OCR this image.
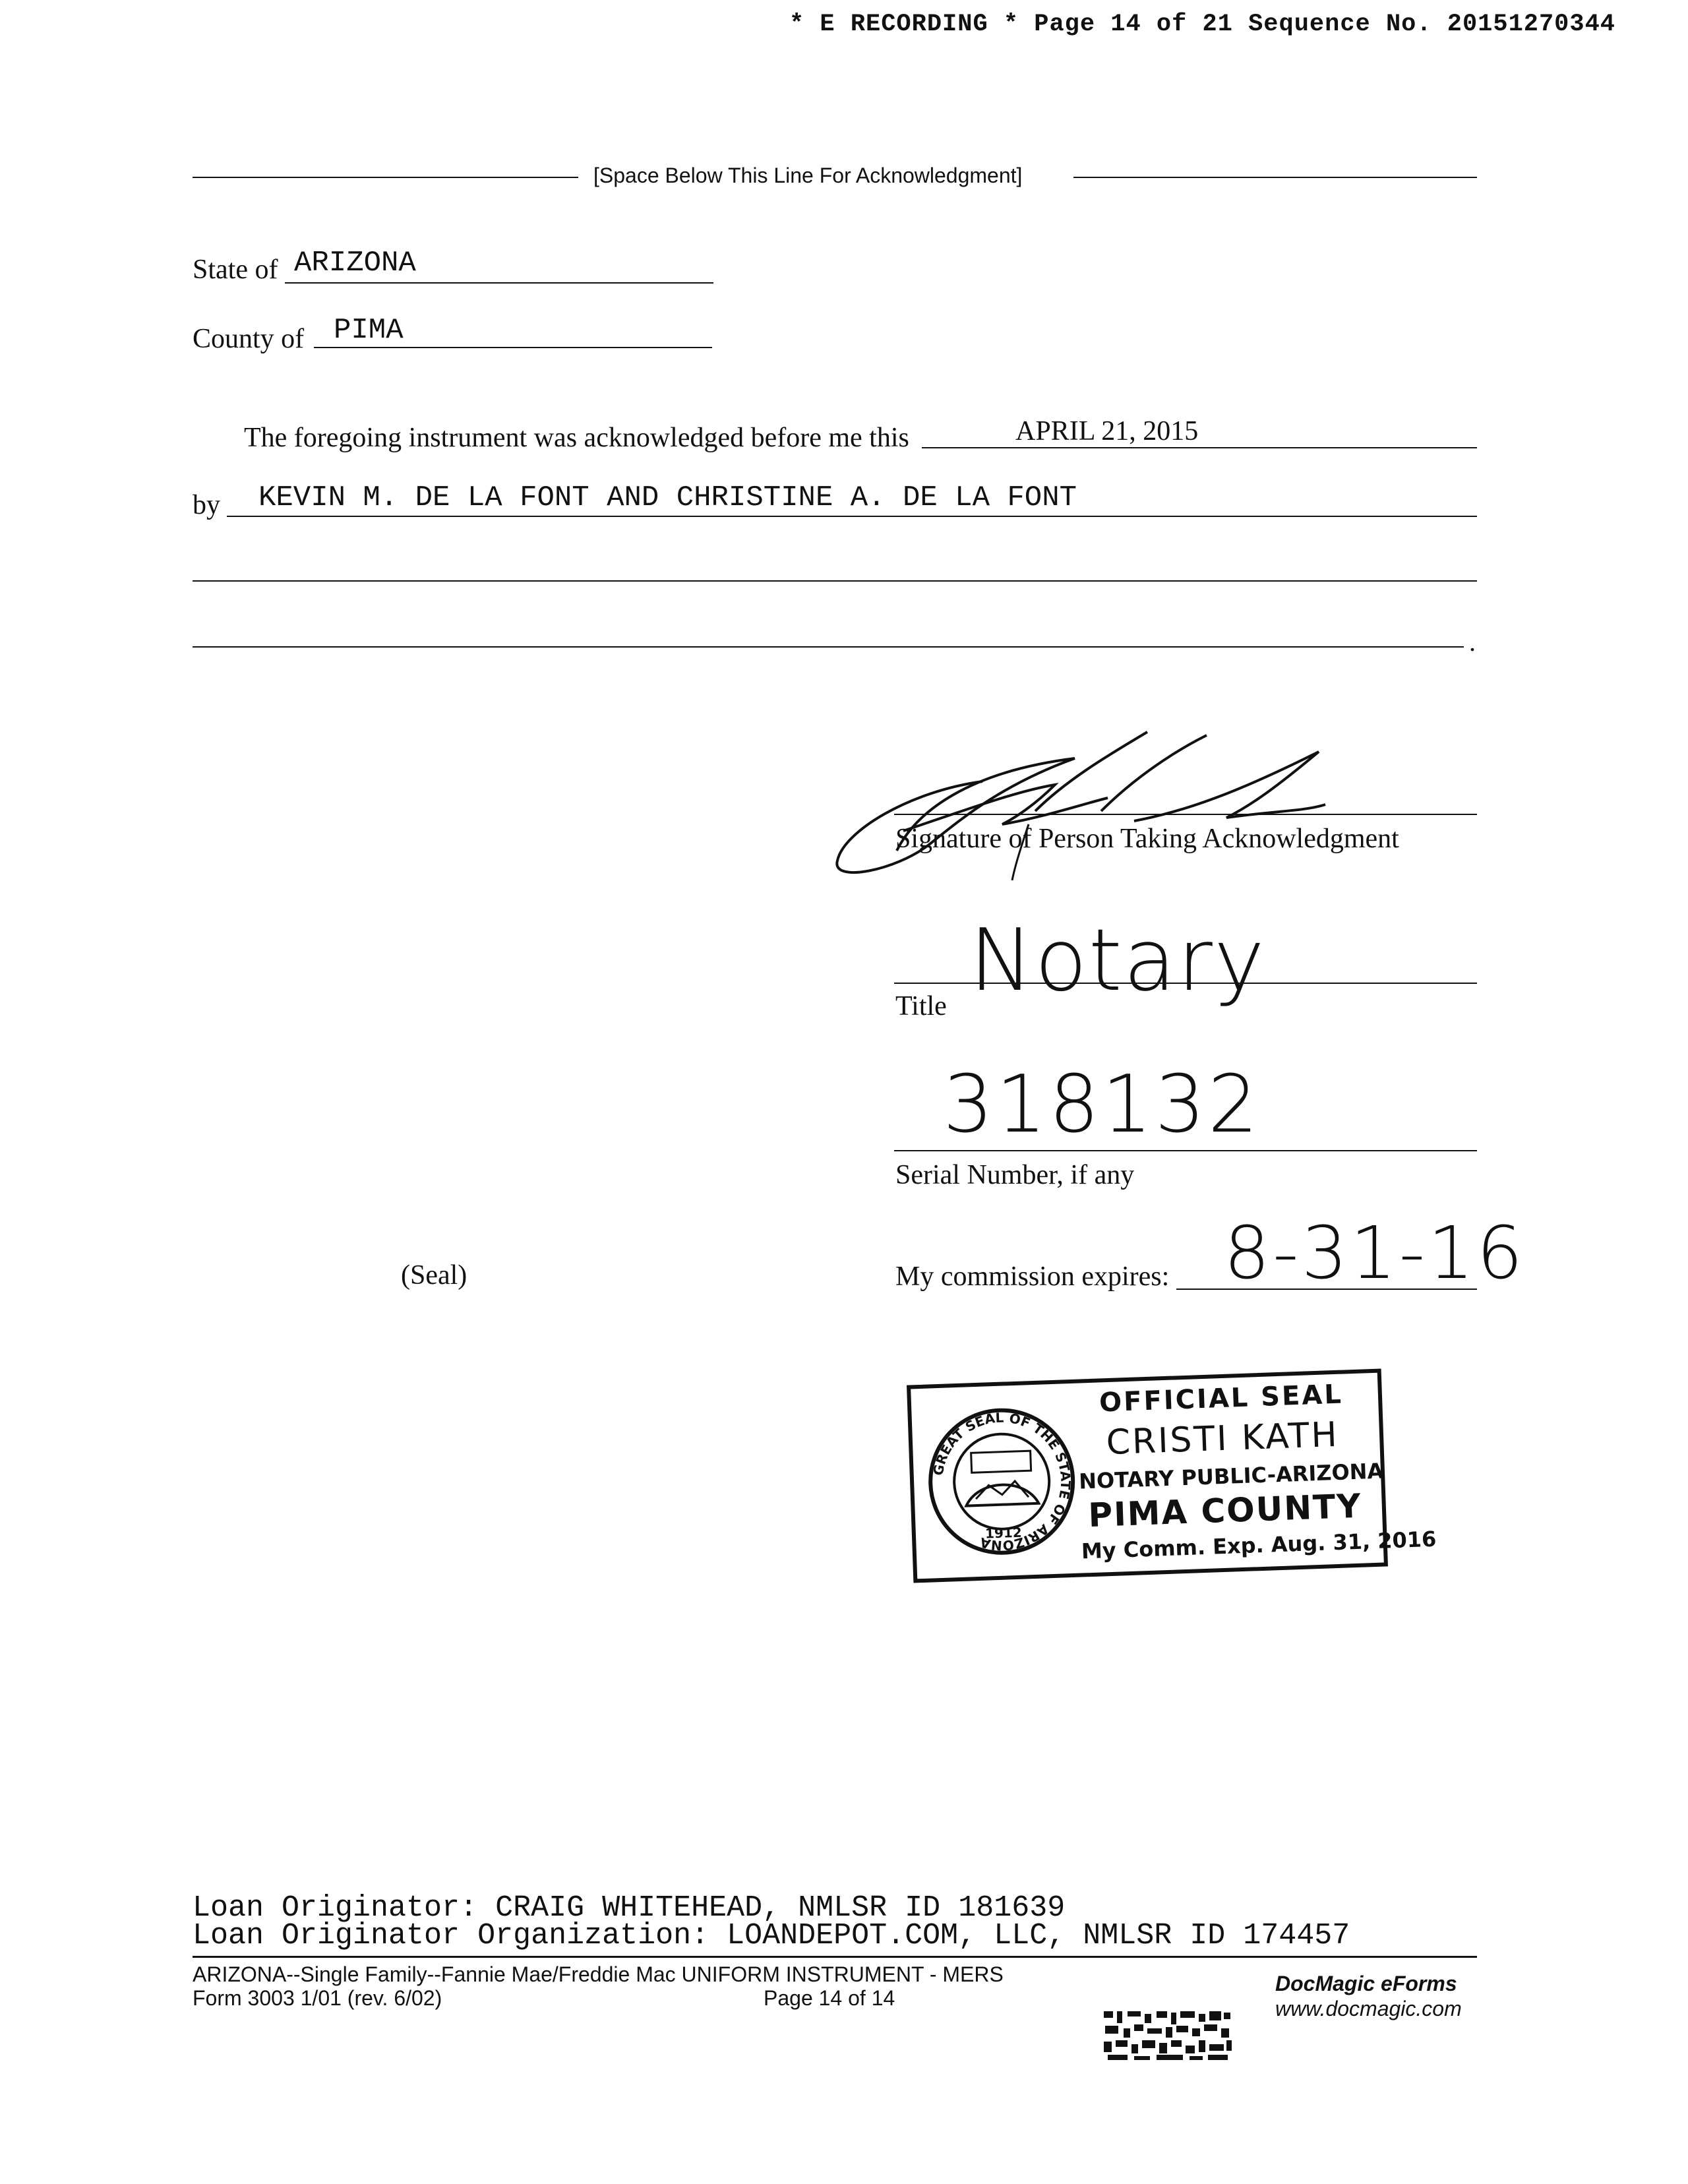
* E RECORDING * Page 14 of 21 Sequence No. 20151270344
[Space Below This Line For Acknowledgment]
State of ARIZONA
County of PIMA
The foregoing instrument was acknowledged before me this	APRIL 21, 2015
by KEVIN M. DE LA FONT AND CHRISTINE A. DE LA FONT
.
Signature of Person Taking Acknowledgment
Notary
Title
318132
Serial Number, if any
(Seal)	My commission expires: 8-31-16
GREAT SEAL OF THE STATE OF ARIZONA
1912
OFFICIAL SEAL
CRISTI KATH
NOTARY PUBLIC-ARIZONA
PIMA COUNTY
My Comm. Exp. Aug. 31, 2016
Loan Originator: CRAIG WHITEHEAD, NMLSR ID 181639
Loan Originator Organization: LOANDEPOT.COM, LLC, NMLSR ID 174457
ARIZONA--Single Family--Fannie Mae/Freddie Mac UNIFORM INSTRUMENT - MERS
Form 3003 1/01 (rev. 6/02)	Page 14 of 14
DocMagic eForms
www.docmagic.com
